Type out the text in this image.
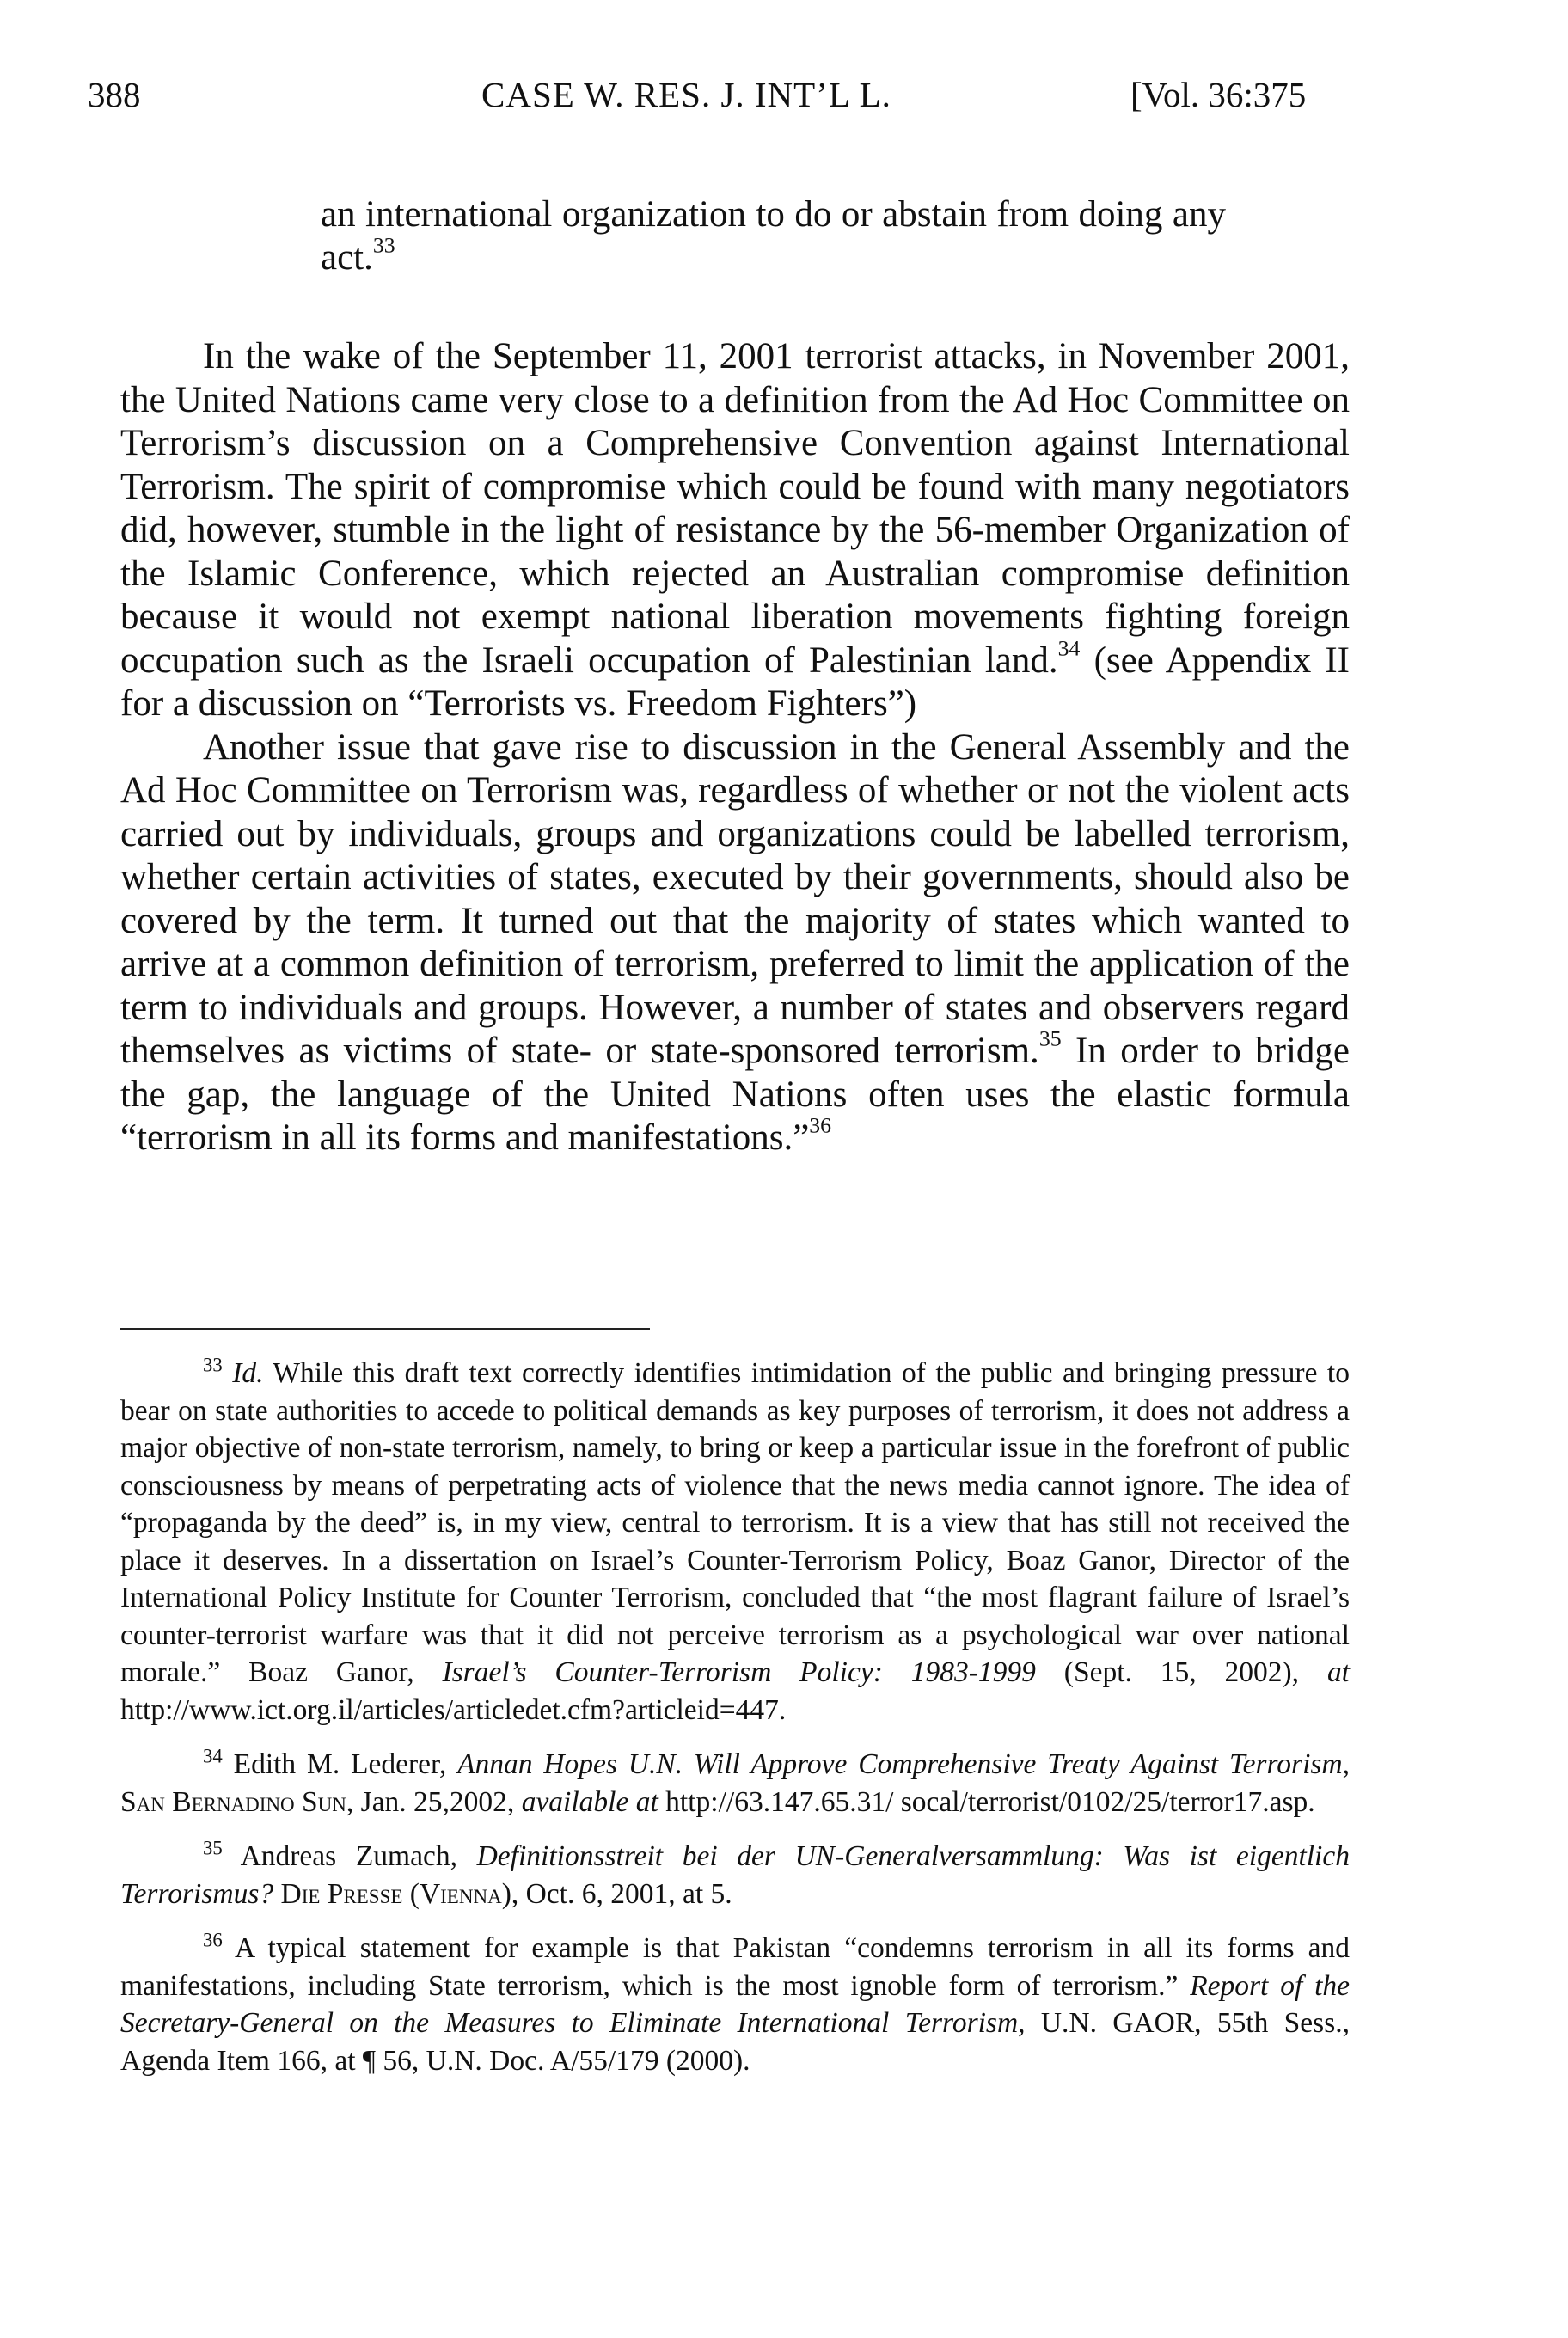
388	CASE W. RES. J. INT’L L.	[Vol. 36:375

an international organization to do or abstain from doing any act.$^{33}$

In the wake of the September 11, 2001 terrorist attacks, in November 2001, the United Nations came very close to a definition from the Ad Hoc Committee on Terrorism’s discussion on a Comprehensive Convention against International Terrorism. The spirit of compromise which could be found with many negotiators did, however, stumble in the light of resistance by the 56-member Organization of the Islamic Conference, which rejected an Australian compromise definition because it would not exempt national liberation movements fighting foreign occupation such as the Israeli occupation of Palestinian land.$^{34}$ (see Appendix II for a discussion on “Terrorists vs. Freedom Fighters”)

Another issue that gave rise to discussion in the General Assembly and the Ad Hoc Committee on Terrorism was, regardless of whether or not the violent acts carried out by individuals, groups and organizations could be labelled terrorism, whether certain activities of states, executed by their governments, should also be covered by the term. It turned out that the majority of states which wanted to arrive at a common definition of terrorism, preferred to limit the application of the term to individuals and groups. However, a number of states and observers regard themselves as victims of state- or state-sponsored terrorism.$^{35}$ In order to bridge the gap, the language of the United Nations often uses the elastic formula “terrorism in all its forms and manifestations.”$^{36}$

$^{33}$ Id. While this draft text correctly identifies intimidation of the public and bringing pressure to bear on state authorities to accede to political demands as key purposes of terrorism, it does not address a major objective of non-state terrorism, namely, to bring or keep a particular issue in the forefront of public consciousness by means of perpetrating acts of violence that the news media cannot ignore. The idea of “propaganda by the deed” is, in my view, central to terrorism. It is a view that has still not received the place it deserves. In a dissertation on Israel’s Counter-Terrorism Policy, Boaz Ganor, Director of the International Policy Institute for Counter Terrorism, concluded that “the most flagrant failure of Israel’s counter-terrorist warfare was that it did not perceive terrorism as a psychological war over national morale.” Boaz Ganor, Israel’s Counter-Terrorism Policy: 1983-1999 (Sept. 15, 2002), at http://www.ict.org.il/articles/articledet.cfm?articleid=447.

$^{34}$ Edith M. Lederer, Annan Hopes U.N. Will Approve Comprehensive Treaty Against Terrorism, San Bernadino Sun, Jan. 25,2002, available at http://63.147.65.31/ socal/terrorist/0102/25/terror17.asp.

$^{35}$ Andreas Zumach, Definitionsstreit bei der UN-Generalversammlung: Was ist eigentlich Terrorismus? Die Presse (Vienna), Oct. 6, 2001, at 5.

$^{36}$ A typical statement for example is that Pakistan “condemns terrorism in all its forms and manifestations, including State terrorism, which is the most ignoble form of terrorism.” Report of the Secretary-General on the Measures to Eliminate International Terrorism, U.N. GAOR, 55th Sess., Agenda Item 166, at ¶ 56, U.N. Doc. A/55/179 (2000).
